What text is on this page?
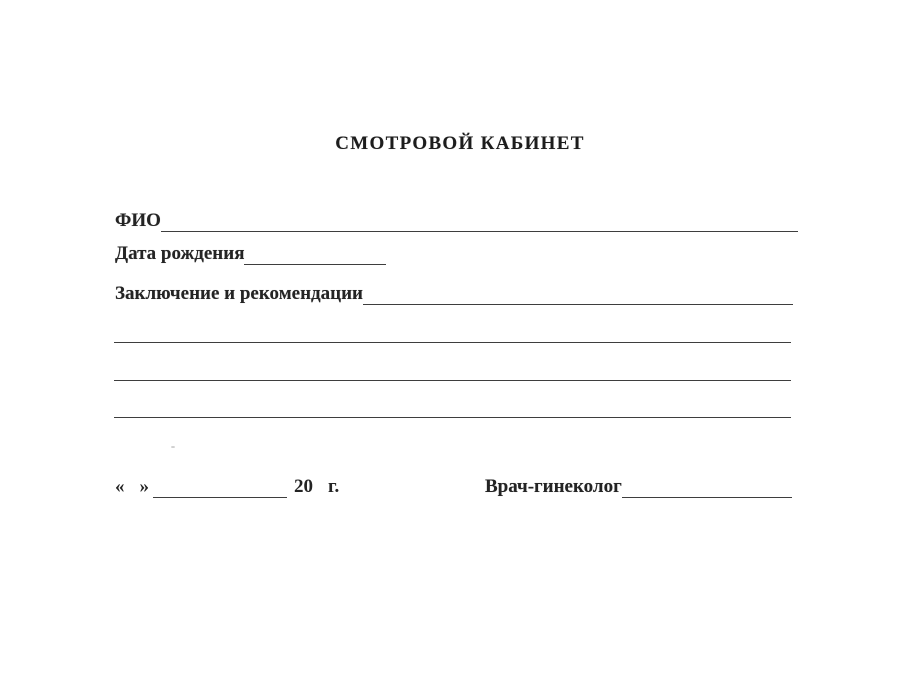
СМОТРОВОЙ КАБИНЕТ
ФИО
Дата рождения
Заключение и рекомендации
« »	20 г.	Врач-гинеколог
